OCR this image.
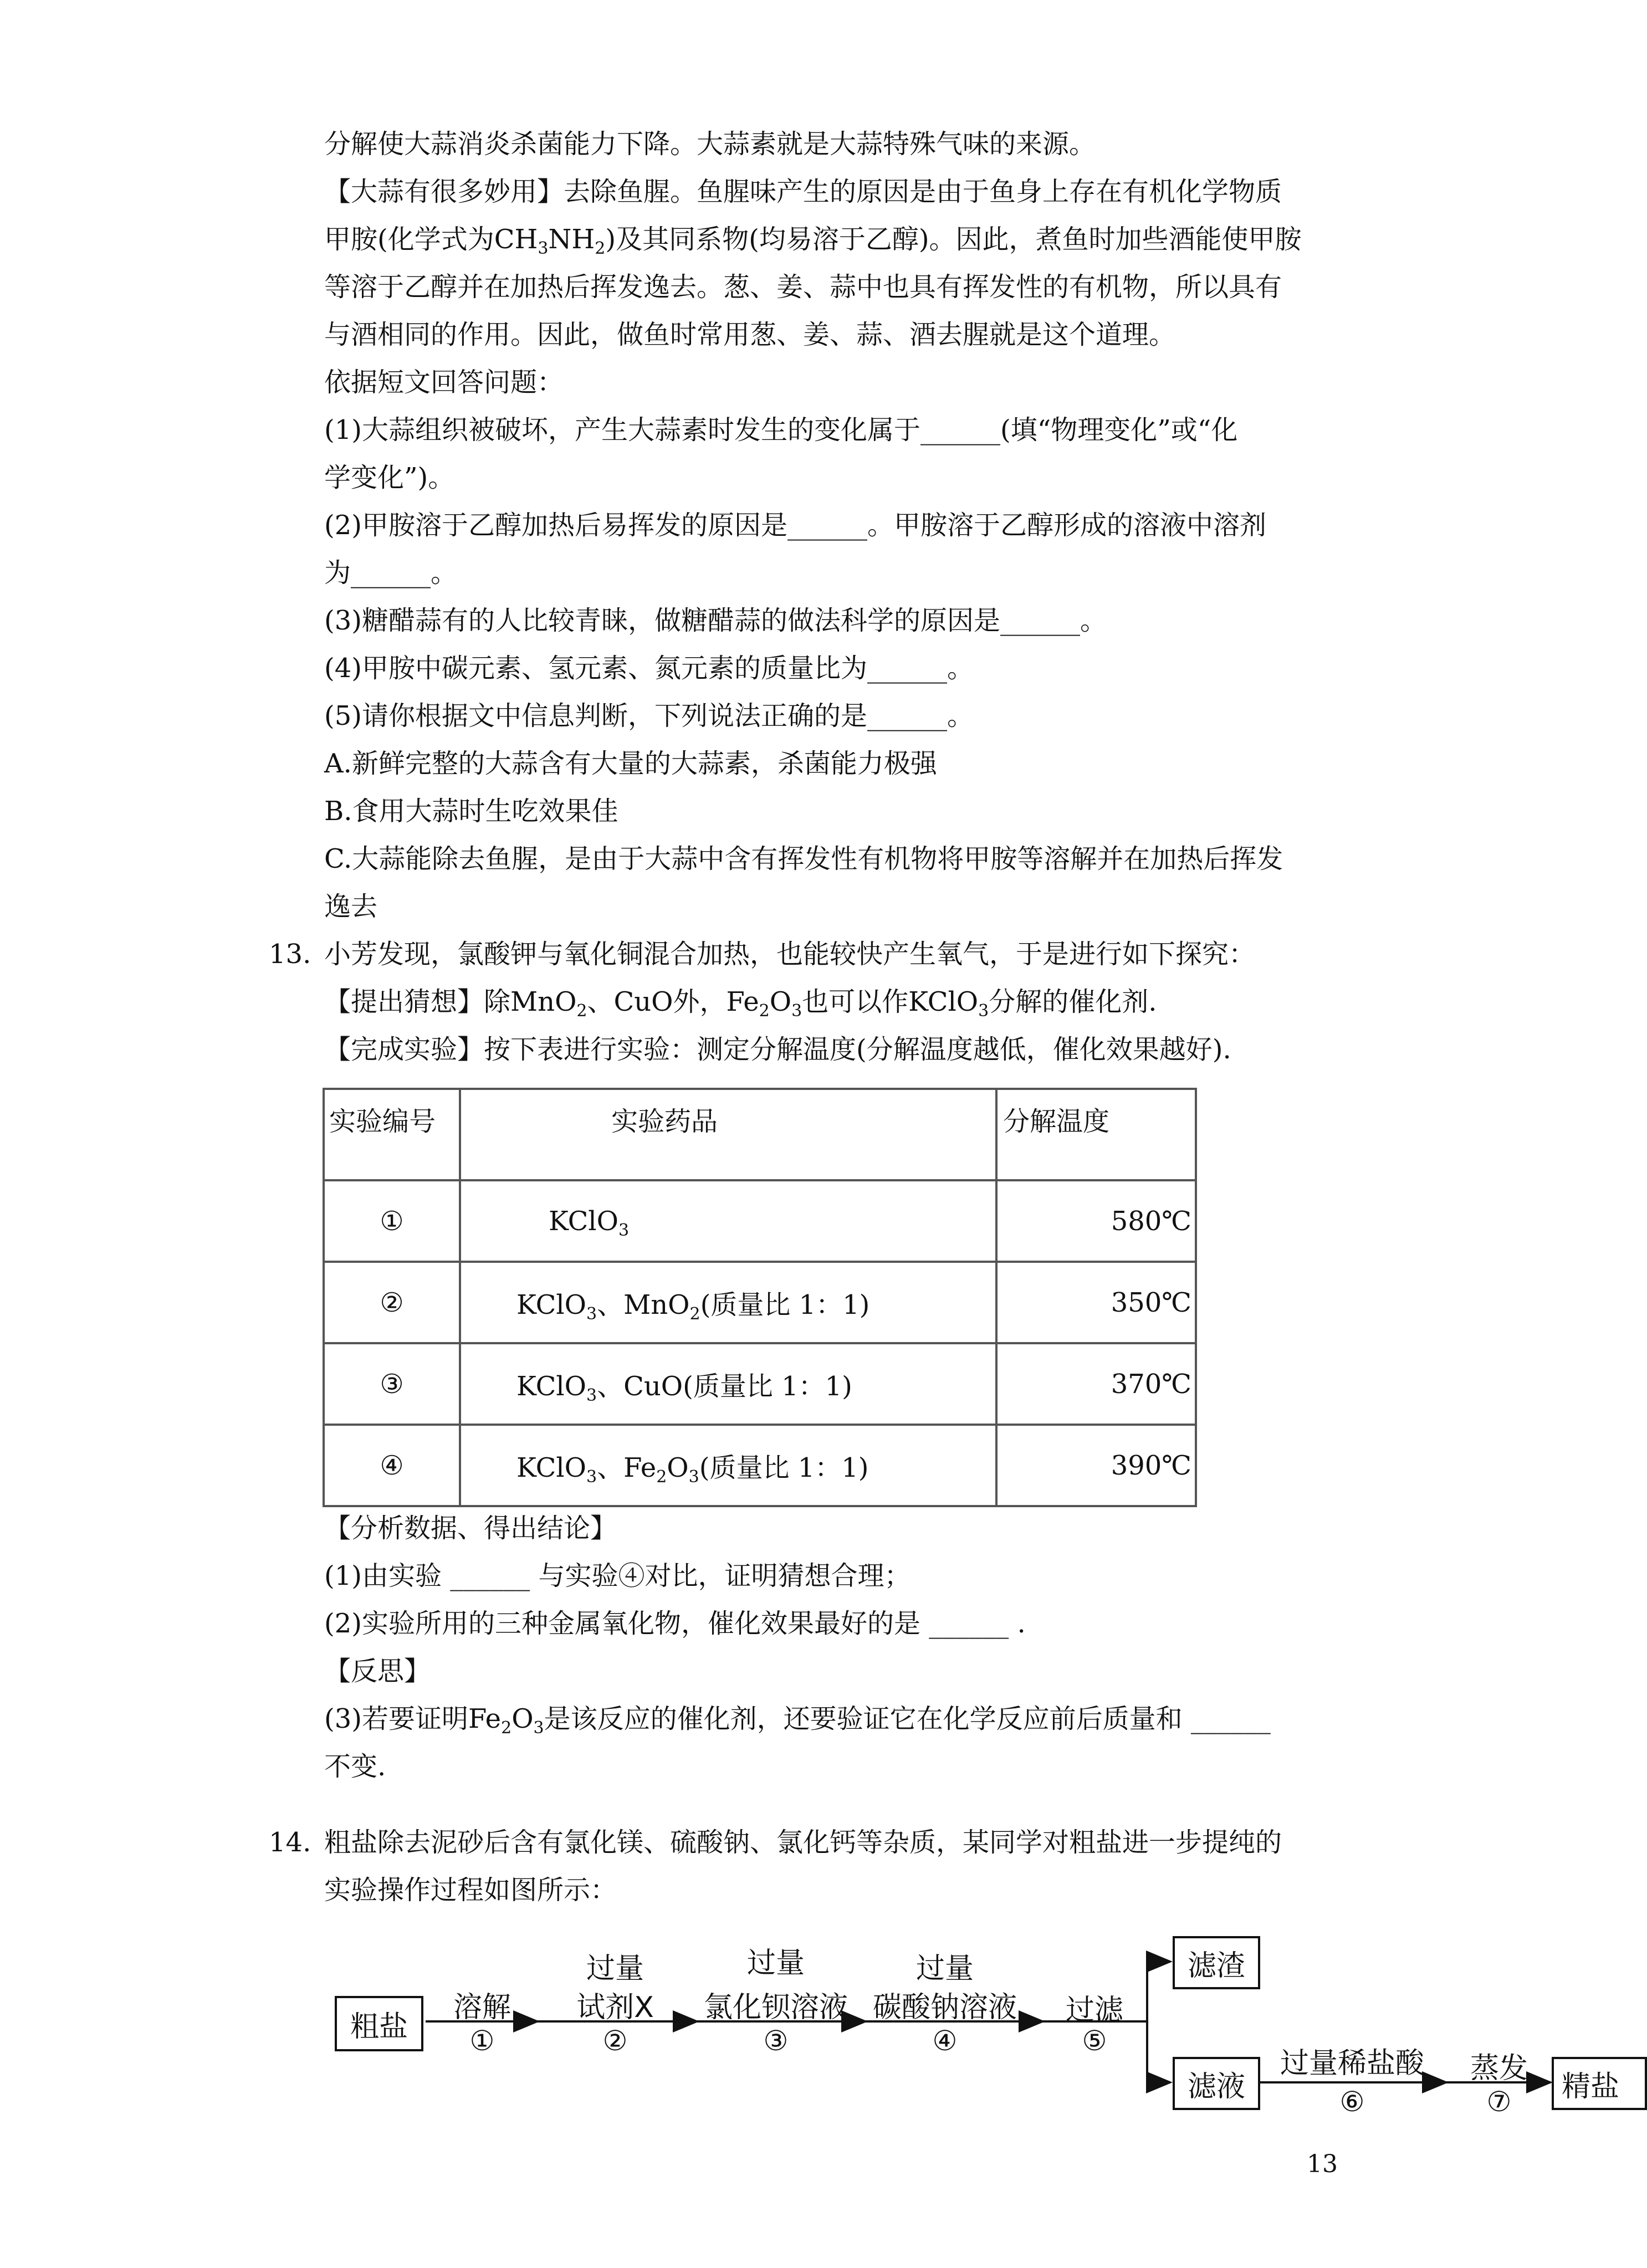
分解使大蒜消炎杀菌能力下降。大蒜素就是大蒜特殊气味的来源。
【大蒜有很多妙用】去除鱼腥。鱼腥味产生的原因是由于鱼身上存在有机化学物质
甲胺(化学式为$CH_3NH_2$)及其同系物(均易溶于乙醇)。因此，煮鱼时加些酒能使甲胺
等溶于乙醇并在加热后挥发逸去。葱、姜、蒜中也具有挥发性的有机物，所以具有
与酒相同的作用。因此，做鱼时常用葱、姜、蒜、酒去腥就是这个道理。
依据短文回答问题：
(1)大蒜组织被破坏，产生大蒜素时发生的变化属于______(填“物理变化”或“化
学变化”)。
(2)甲胺溶于乙醇加热后易挥发的原因是______。甲胺溶于乙醇形成的溶液中溶剂
为______。
(3)糖醋蒜有的人比较青睐，做糖醋蒜的做法科学的原因是______。
(4)甲胺中碳元素、氢元素、氮元素的质量比为______。
(5)请你根据文中信息判断，下列说法正确的是______。
A.新鲜完整的大蒜含有大量的大蒜素，杀菌能力极强
B.食用大蒜时生吃效果佳
C.大蒜能除去鱼腥，是由于大蒜中含有挥发性有机物将甲胺等溶解并在加热后挥发
逸去
13. 小芳发现，氯酸钾与氧化铜混合加热，也能较快产生氧气，于是进行如下探究：
【提出猜想】除MnO$_2$、CuO外，$Fe_2O_3$也可以作KClO$_3$分解的催化剂.
【完成实验】按下表进行实验：测定分解温度(分解温度越低，催化效果越好).
实验编号	实验药品	分解温度
①	KClO$_3$	580℃
②	KClO$_3$、MnO$_2$(质量比 1：1)	350℃
③	KClO$_3$、CuO(质量比 1：1)	370℃
④	KClO$_3$、$Fe_2O_3$(质量比 1：1)	390℃
【分析数据、得出结论】
(1)由实验 ______ 与实验④对比，证明猜想合理；
(2)实验所用的三种金属氧化物，催化效果最好的是 ______ .
【反思】
(3)若要证明$Fe_2O_3$是该反应的催化剂，还要验证它在化学反应前后质量和 ______
不变.
14. 粗盐除去泥砂后含有氯化镁、硫酸钠、氯化钙等杂质，某同学对粗盐进一步提纯的
实验操作过程如图所示：
粗盐
溶解
①
过量
试剂X
②
过量
氯化钡溶液
③
过量
碳酸钠溶液
④
过滤
⑤
滤渣
滤液
过量稀盐酸
⑥
蒸发
⑦	精盐
13
